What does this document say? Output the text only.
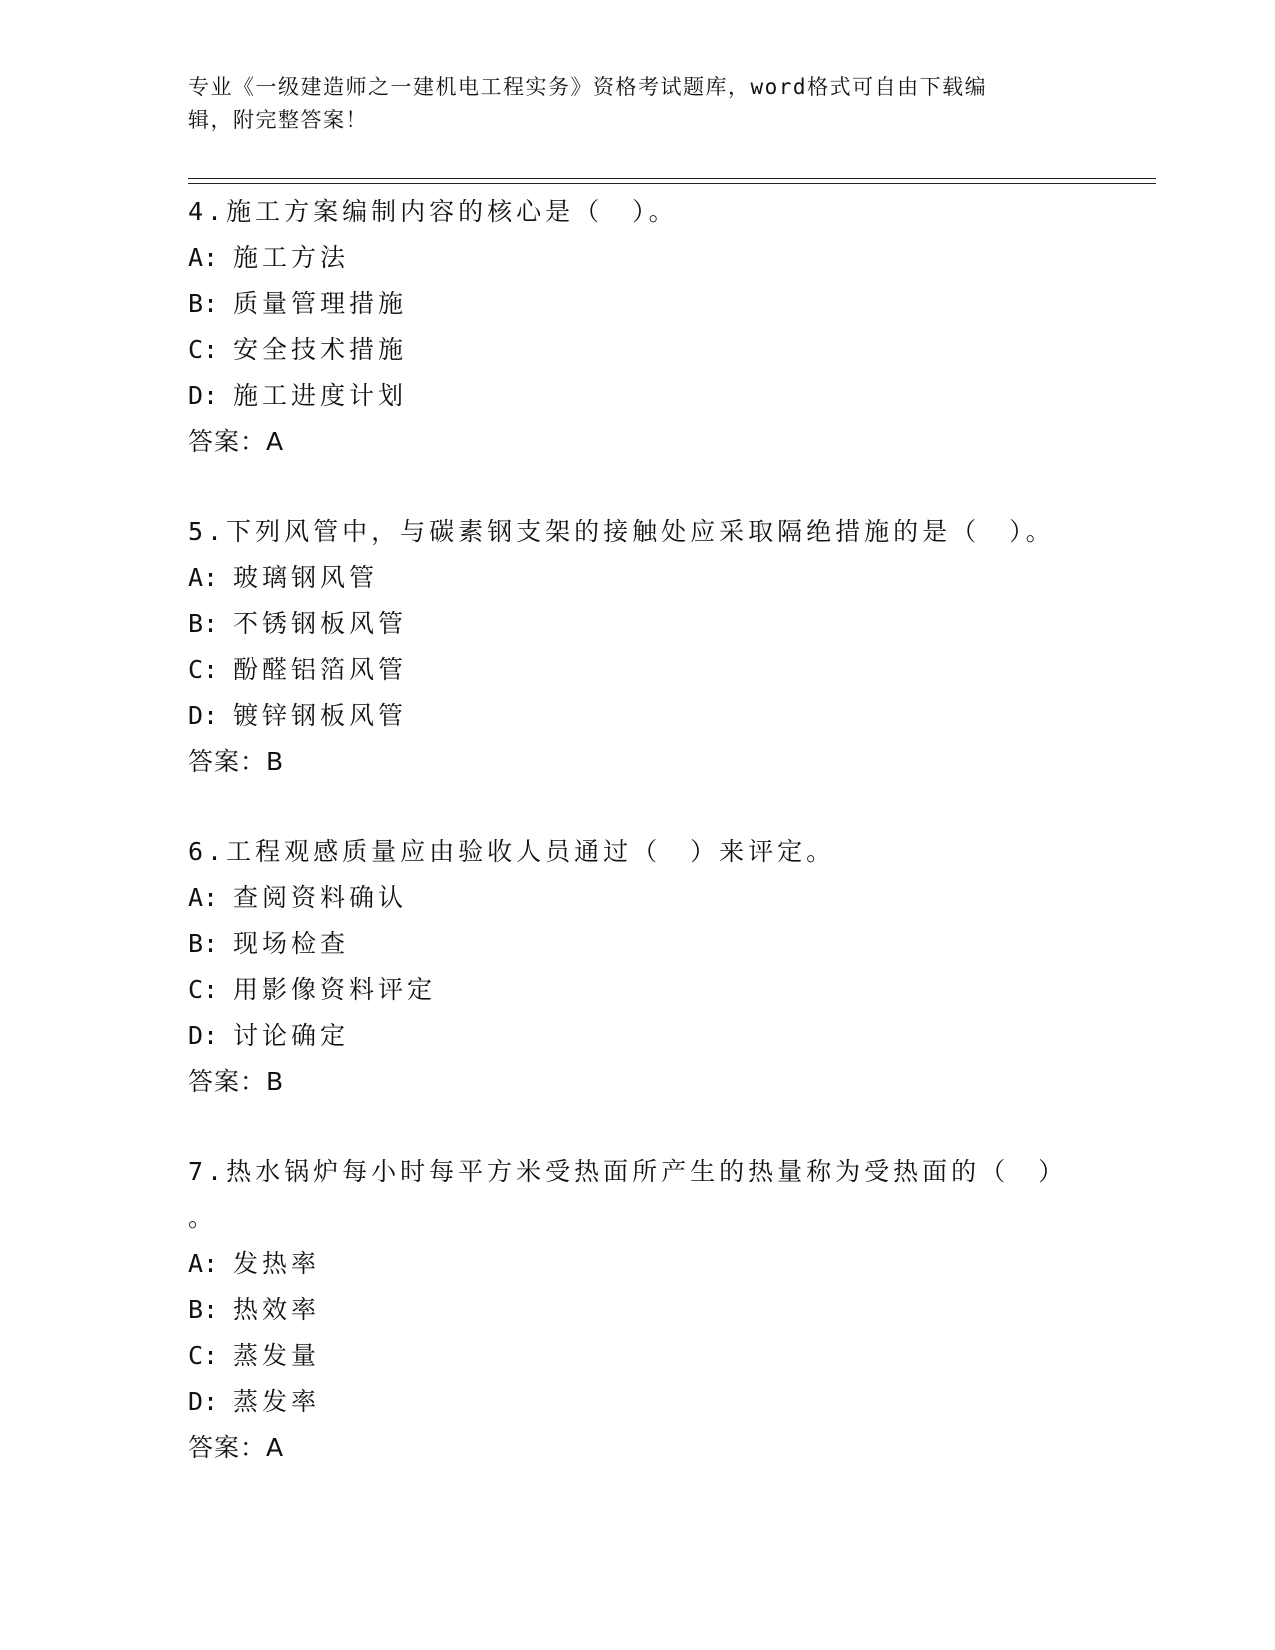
专业《一级建造师之一建机电工程实务》资格考试题库，word格式可自由下载编
辑，附完整答案！
4.施工方案编制内容的核心是（　）。
A: 施工方法
B: 质量管理措施
C: 安全技术措施
D: 施工进度计划
答案：A
5.下列风管中，与碳素钢支架的接触处应采取隔绝措施的是（　）。
A: 玻璃钢风管
B: 不锈钢板风管
C: 酚醛铝箔风管
D: 镀锌钢板风管
答案：B
6.工程观感质量应由验收人员通过（　）来评定。
A: 查阅资料确认
B: 现场检查
C: 用影像资料评定
D: 讨论确定
答案：B
7.热水锅炉每小时每平方米受热面所产生的热量称为受热面的（　）
。
A: 发热率
B: 热效率
C: 蒸发量
D: 蒸发率
答案：A
